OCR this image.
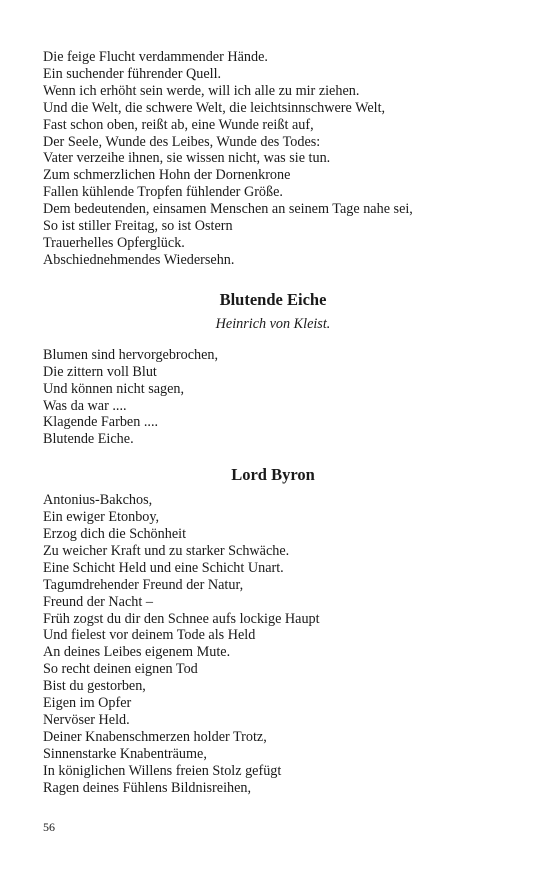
Die feige Flucht verdammender Hände.
Ein suchender führender Quell.
Wenn ich erhöht sein werde, will ich alle zu mir ziehen.
Und die Welt, die schwere Welt, die leichtsinnschwere Welt,
Fast schon oben, reißt ab, eine Wunde reißt auf,
Der Seele, Wunde des Leibes, Wunde des Todes:
Vater verzeihe ihnen, sie wissen nicht, was sie tun.
Zum schmerzlichen Hohn der Dornenkrone
Fallen kühlende Tropfen fühlender Größe.
Dem bedeutenden, einsamen Menschen an seinem Tage nahe sei,
So ist stiller Freitag, so ist Ostern
Trauerhelles Opferglück.
Abschiednehmendes Wiedersehn.
Blutende Eiche
Heinrich von Kleist.
Blumen sind hervorgebrochen,
Die zittern voll Blut
Und können nicht sagen,
Was da war ....
Klagende Farben ....
Blutende Eiche.
Lord Byron
Antonius-Bakchos,
Ein ewiger Etonboy,
Erzog dich die Schönheit
Zu weicher Kraft und zu starker Schwäche.
Eine Schicht Held und eine Schicht Unart.
Tagumdrehender Freund der Natur,
Freund der Nacht –
Früh zogst du dir den Schnee aufs lockige Haupt
Und fielest vor deinem Tode als Held
An deines Leibes eigenem Mute.
So recht deinen eignen Tod
Bist du gestorben,
Eigen im Opfer
Nervöser Held.
Deiner Knabenschmerzen holder Trotz,
Sinnenstarke Knabenträume,
In königlichen Willens freien Stolz gefügt
Ragen deines Fühlens Bildnisreihen,
56
